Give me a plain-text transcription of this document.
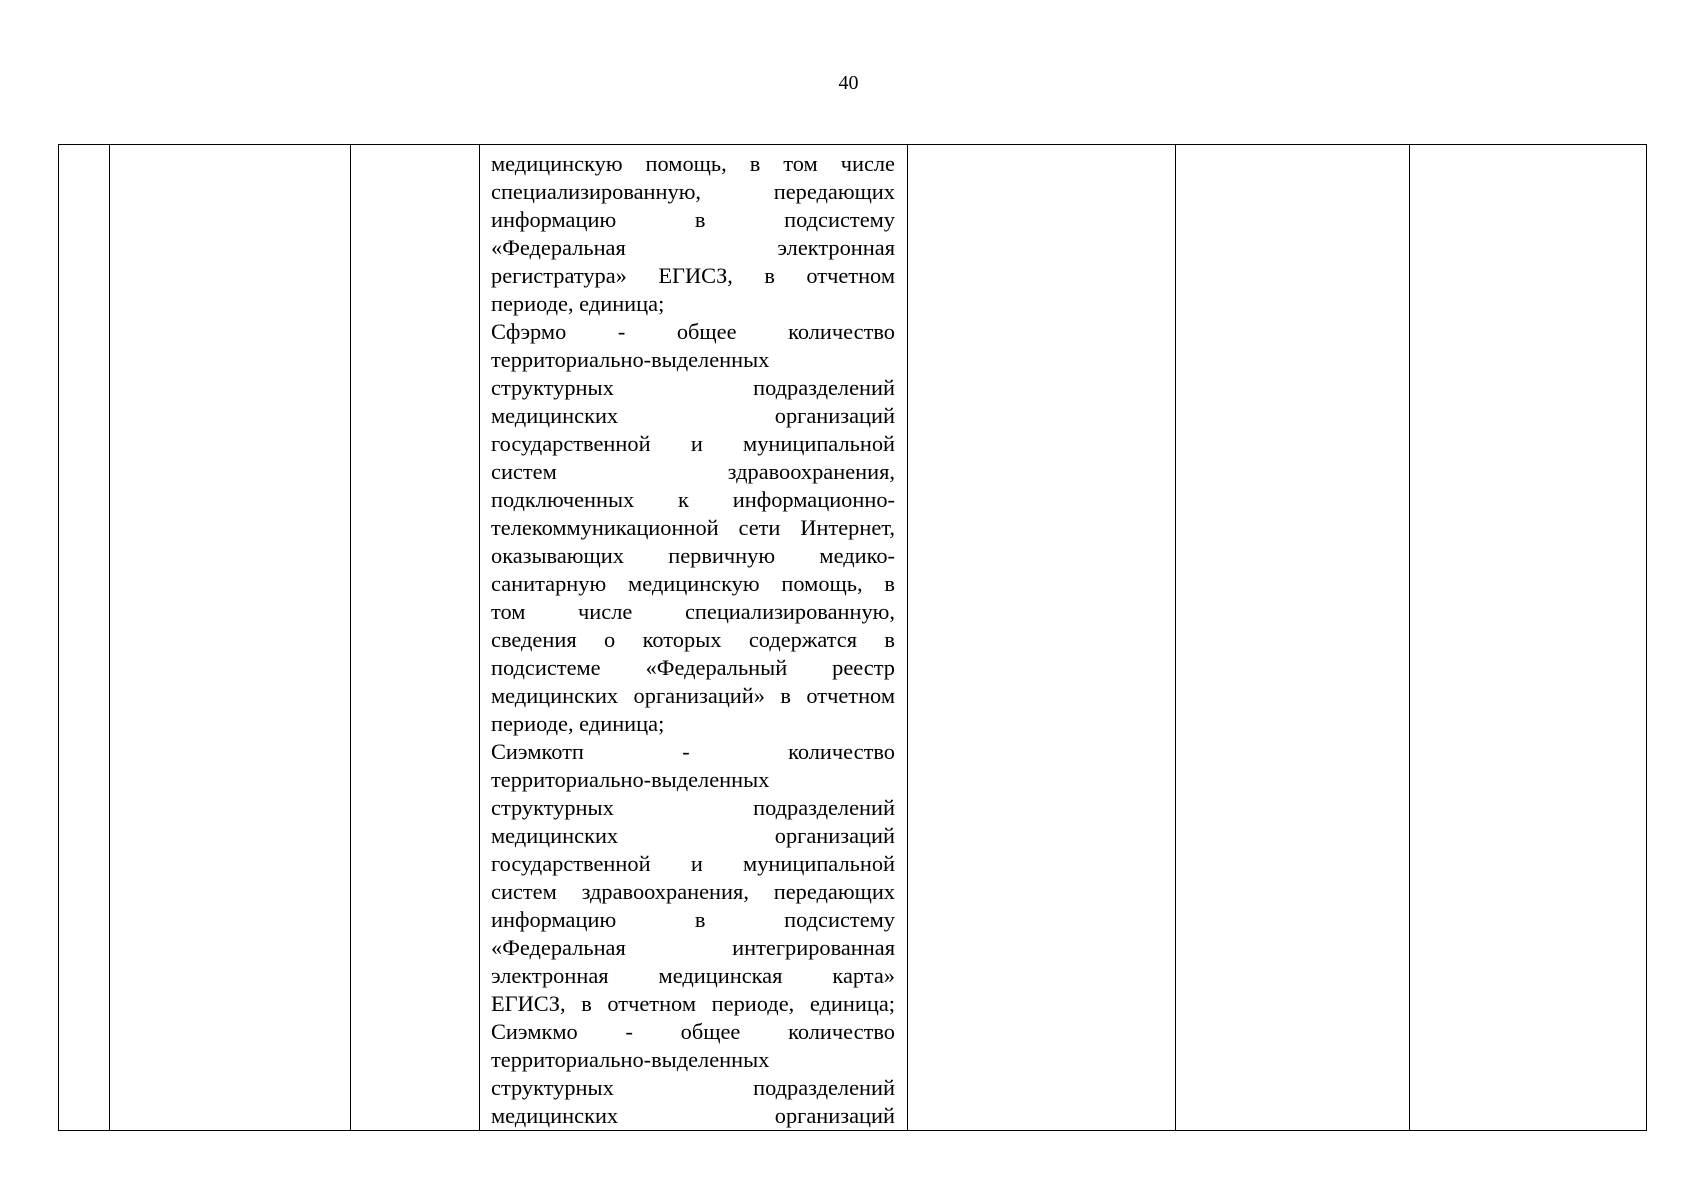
40

медицинскую помощь, в том числе
специализированную, передающих
информацию в подсистему
«Федеральная электронная
регистратура» ЕГИСЗ, в отчетном
периоде, единица;
Сфэрмо - общее количество
территориально-выделенных
структурных подразделений
медицинских организаций
государственной и муниципальной
систем здравоохранения,
подключенных к информационно-
телекоммуникационной сети Интернет,
оказывающих первичную медико-
санитарную медицинскую помощь, в
том числе специализированную,
сведения о которых содержатся в
подсистеме «Федеральный реестр
медицинских организаций» в отчетном
периоде, единица;
Сиэмкотп - количество
территориально-выделенных
структурных подразделений
медицинских организаций
государственной и муниципальной
систем здравоохранения, передающих
информацию в подсистему
«Федеральная интегрированная
электронная медицинская карта»
ЕГИСЗ, в отчетном периоде, единица;
Сиэмкмо - общее количество
территориально-выделенных
структурных подразделений
медицинских организаций
